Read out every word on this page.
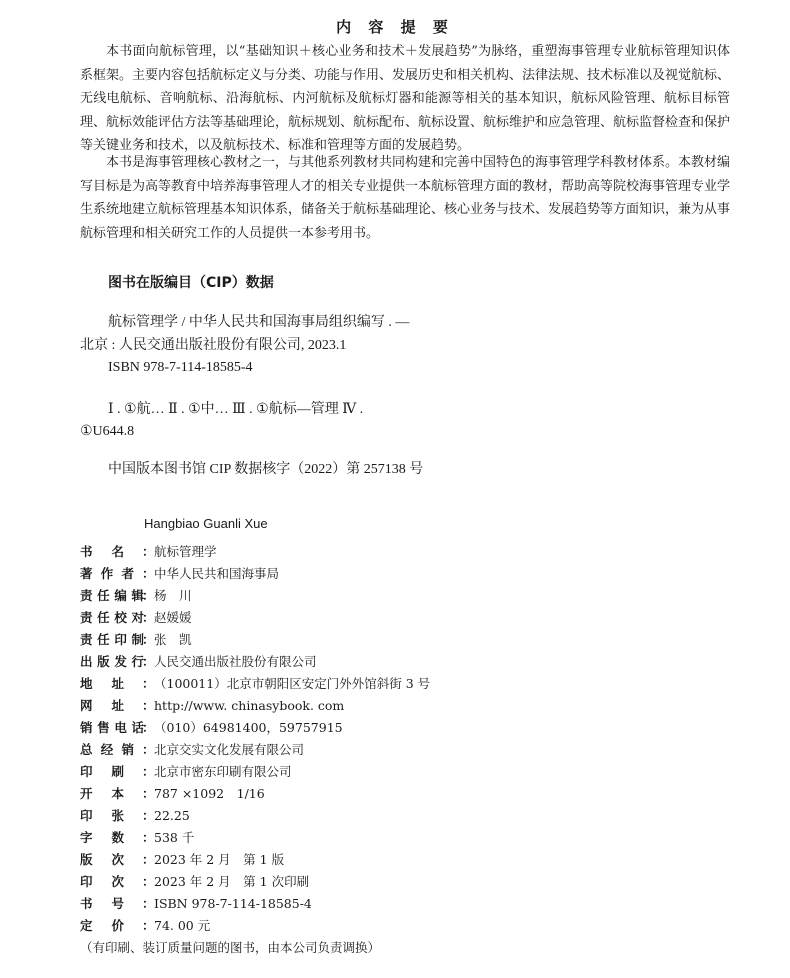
内 容 提 要

本书面向航标管理，以“基础知识＋核心业务和技术＋发展趋势”为脉络，重塑海事管理专业航标管理知识体系框架。主要内容包括航标定义与分类、功能与作用、发展历史和相关机构、法律法规、技术标准以及视觉航标、无线电航标、音响航标、沿海航标、内河航标及航标灯器和能源等相关的基本知识，航标风险管理、航标目标管理、航标效能评估方法等基础理论，航标规划、航标配布、航标设置、航标维护和应急管理、航标监督检查和保护等关键业务和技术，以及航标技术、标准和管理等方面的发展趋势。

本书是海事管理核心教材之一，与其他系列教材共同构建和完善中国特色的海事管理学科教材体系。本教材编写目标是为高等教育中培养海事管理人才的相关专业提供一本航标管理方面的教材，帮助高等院校海事管理专业学生系统地建立航标管理基本知识体系，储备关于航标基础理论、核心业务与技术、发展趋势等方面知识，兼为从事航标管理和相关研究工作的人员提供一本参考用书。

图书在版编目（CIP）数据
航标管理学 / 中华人民共和国海事局组织编写 . —
北京 : 人民交通出版社股份有限公司, 2023.1
ISBN 978-7-114-18585-4
Ⅰ . ①航… Ⅱ . ①中… Ⅲ . ①航标—管理 Ⅳ .
①U644.8
中国版本图书馆 CIP 数据核字（2022）第 257138 号
Hangbiao Guanli Xue
书 名 ： 航标管理学
著 作 者 ： 中华人民共和国海事局
责 任 编 辑
： 杨　川
责 任 校 对
： 赵媛媛
责 任 印 制
： 张　凯
出 版 发 行
： 人民交通出版社股份有限公司
地 址 ： （100011）北京市朝阳区安定门外外馆斜街 3 号
网 址 ： http://www. chinasybook. com
销 售 电 话
： （010）64981400，59757915
总 经 销 ： 北京交实文化发展有限公司
印 刷 ： 北京市密东印刷有限公司
开 本 ： 787 ×1092　1/16
印 张 ： 22.25
字 数 ： 538 千
版 次 ： 2023 年 2 月　第 1 版
印 次 ： 2023 年 2 月　第 1 次印刷
书 号 ： ISBN 978-7-114-18585-4
定 价 ： 74. 00 元
（有印刷、装订质量问题的图书，由本公司负责调换）
